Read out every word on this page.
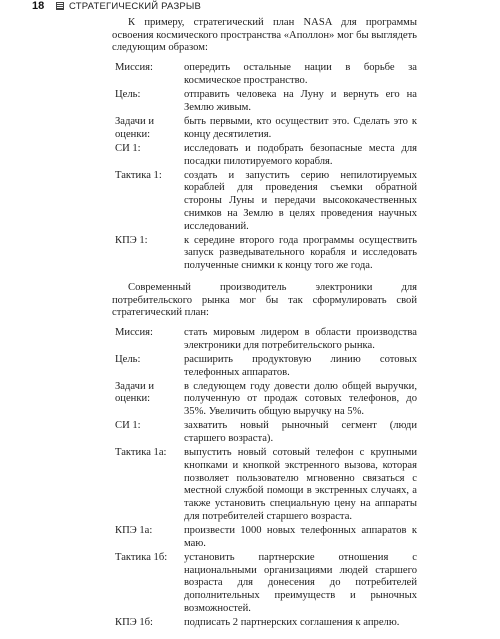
18	СТРАТЕГИЧЕСКИЙ РАЗРЫВ

К примеру, стратегический план NASA для программы освоения космического пространства «Аполлон» мог бы выглядеть следующим образом:

Миссия:	опередить остальные нации в борьбе за космическое пространство.
Цель:	отправить человека на Луну и вернуть его на Землю живым.
Задачи и оценки:
быть первыми, кто осуществит это. Сделать это к концу десятилетия.
СИ 1:	исследовать и подобрать безопасные места для посадки пилотируемого корабля.
Тактика 1:	создать и запустить серию непилотируемых кораблей для проведения съемки обратной стороны Луны и передачи высококачественных снимков на Землю в целях проведения научных исследований.
КПЭ 1:	к середине второго года программы осуществить запуск разведывательного корабля и исследовать полученные снимки к концу того же года.

Современный производитель электроники для потребительского рынка мог бы так сформулировать свой стратегический план:

Миссия:	стать мировым лидером в области производства электроники для потребительского рынка.
Цель:	расширить продуктовую линию сотовых телефонных аппаратов.
Задачи и оценки:
в следующем году довести долю общей выручки, полученную от продаж сотовых телефонов, до 35%. Увеличить общую выручку на 5%.
СИ 1:	захватить новый рыночный сегмент (люди старшего возраста).
Тактика 1а:	выпустить новый сотовый телефон с крупными кнопками и кнопкой экстренного вызова, которая позволяет пользователю мгновенно связаться с местной службой помощи в экстренных случаях, а также установить специальную цену на аппараты для потребителей старшего возраста.
КПЭ 1а:	произвести 1000 новых телефонных аппаратов к маю.
Тактика 1б:	установить партнерские отношения с национальными организациями людей старшего возраста для донесения до потребителей дополнительных преимуществ и рыночных возможностей.
КПЭ 1б:	подписать 2 партнерских соглашения к апрелю.
